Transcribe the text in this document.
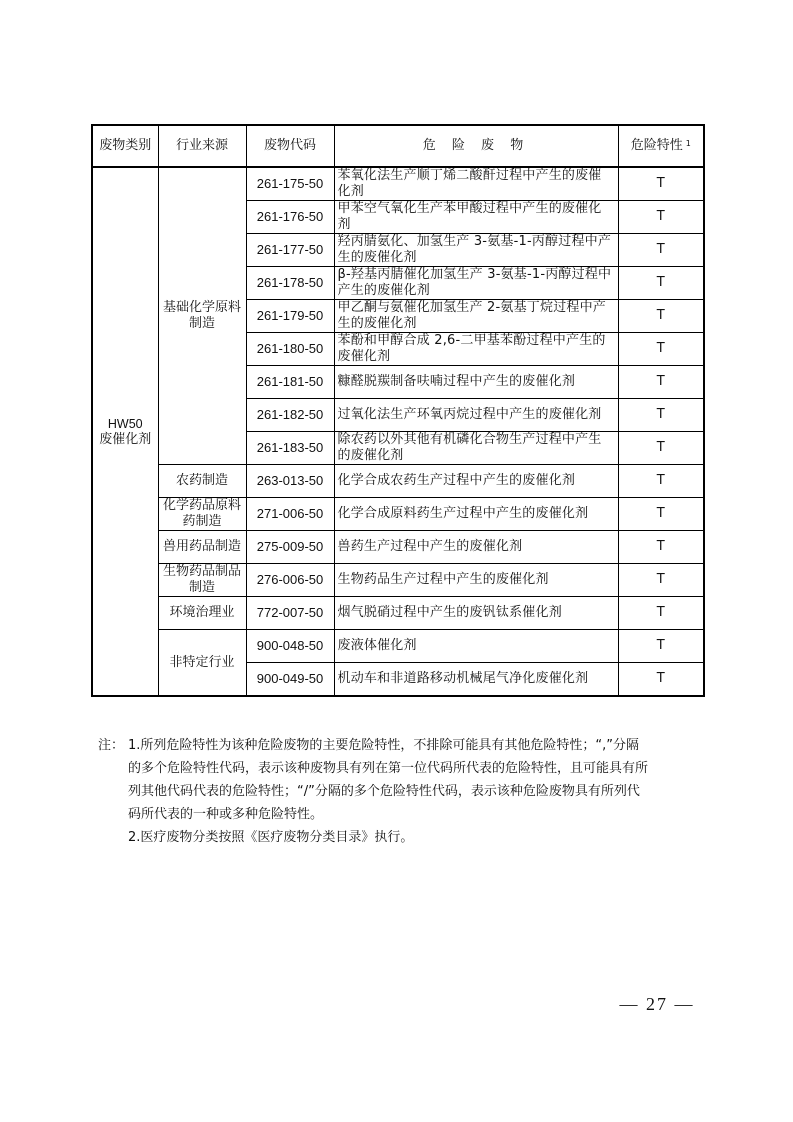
废物类别	行业来源	废物代码	危 险 废 物	危险特性 $^1$

HW50
废催化剂	基础化学原料制造	261-175-50	苯氧化法生产顺丁烯二酸酐过程中产生的废催化剂	T
		261-176-50	甲苯空气氧化生产苯甲酸过程中产生的废催化剂	T
		261-177-50	羟丙腈氨化、加氢生产 3-氨基-1-丙醇过程中产生的废催化剂	T
		261-178-50	β-羟基丙腈催化加氢生产 3-氨基-1-丙醇过程中产生的废催化剂	T
		261-179-50	甲乙酮与氨催化加氢生产 2-氨基丁烷过程中产生的废催化剂	T
		261-180-50	苯酚和甲醇合成 2,6-二甲基苯酚过程中产生的废催化剂	T
		261-181-50	糠醛脱羰制备呋喃过程中产生的废催化剂	T
		261-182-50	过氧化法生产环氧丙烷过程中产生的废催化剂	T
		261-183-50	除农药以外其他有机磷化合物生产过程中产生的废催化剂	T
	农药制造	263-013-50	化学合成农药生产过程中产生的废催化剂	T
	化学药品原料药制造	271-006-50	化学合成原料药生产过程中产生的废催化剂	T
	兽用药品制造	275-009-50	兽药生产过程中产生的废催化剂	T
	生物药品制品制造	276-006-50	生物药品生产过程中产生的废催化剂	T
	环境治理业	772-007-50	烟气脱硝过程中产生的废钒钛系催化剂	T
	非特定行业	900-048-50	废液体催化剂	T
		900-049-50	机动车和非道路移动机械尾气净化废催化剂	T
注： 1. 所列危险特性为该种危险废物的主要危险特性，不排除可能具有其他危险特性；“,”分隔
的多个危险特性代码，表示该种废物具有列在第一位代码所代表的危险特性，且可能具有所
列其他代码代表的危险特性；“/”分隔的多个危险特性代码，表示该种危险废物具有所列代
码所代表的一种或多种危险特性。
2. 医疗废物分类按照《医疗废物分类目录》执行。
— 27 —
